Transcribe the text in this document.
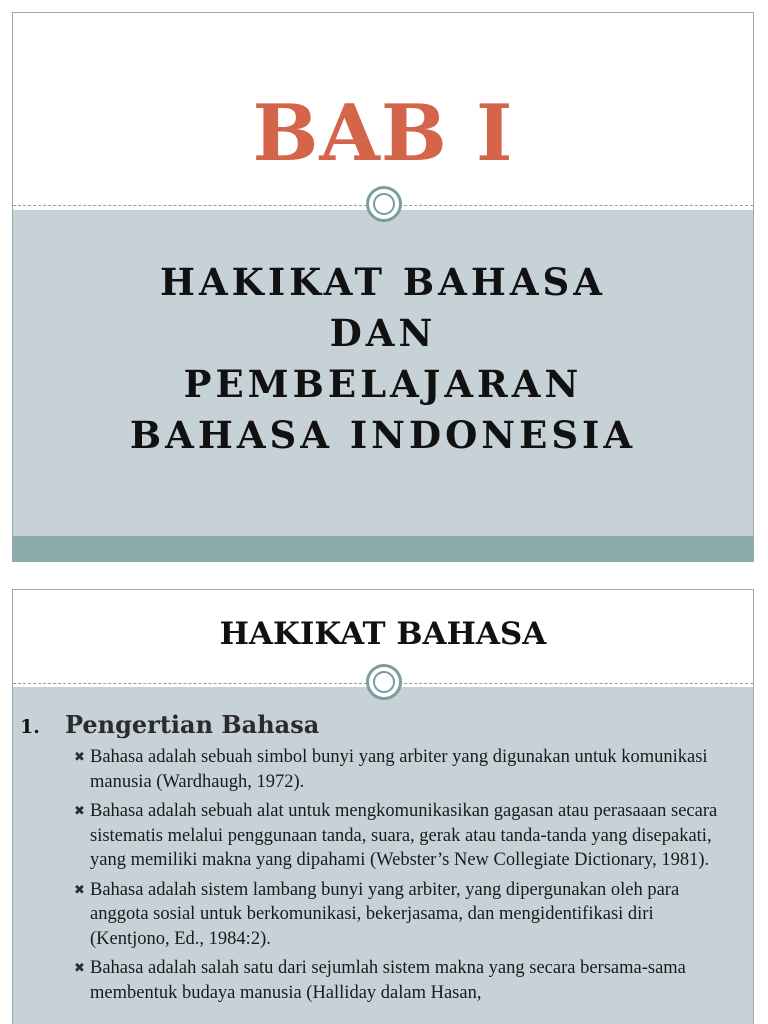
BAB I
HAKIKAT BAHASA
DAN
PEMBELAJARAN
BAHASA INDONESIA
HAKIKAT BAHASA
1. Pengertian Bahasa
✖ Bahasa adalah sebuah simbol bunyi yang arbiter yang digunakan untuk komunikasi manusia (Wardhaugh, 1972).
✖ Bahasa adalah sebuah alat untuk mengkomunikasikan gagasan atau perasaaan secara sistematis melalui penggunaan tanda, suara, gerak atau tanda-tanda yang disepakati, yang memiliki makna yang dipahami (Webster’s New Collegiate Dictionary, 1981).
✖ Bahasa adalah sistem lambang bunyi yang arbiter, yang dipergunakan oleh para anggota sosial untuk berkomunikasi, bekerjasama, dan mengidentifikasi diri (Kentjono, Ed., 1984:2).
✖ Bahasa adalah salah satu dari sejumlah sistem makna yang secara bersama-sama membentuk budaya manusia (Halliday dalam Hasan,
